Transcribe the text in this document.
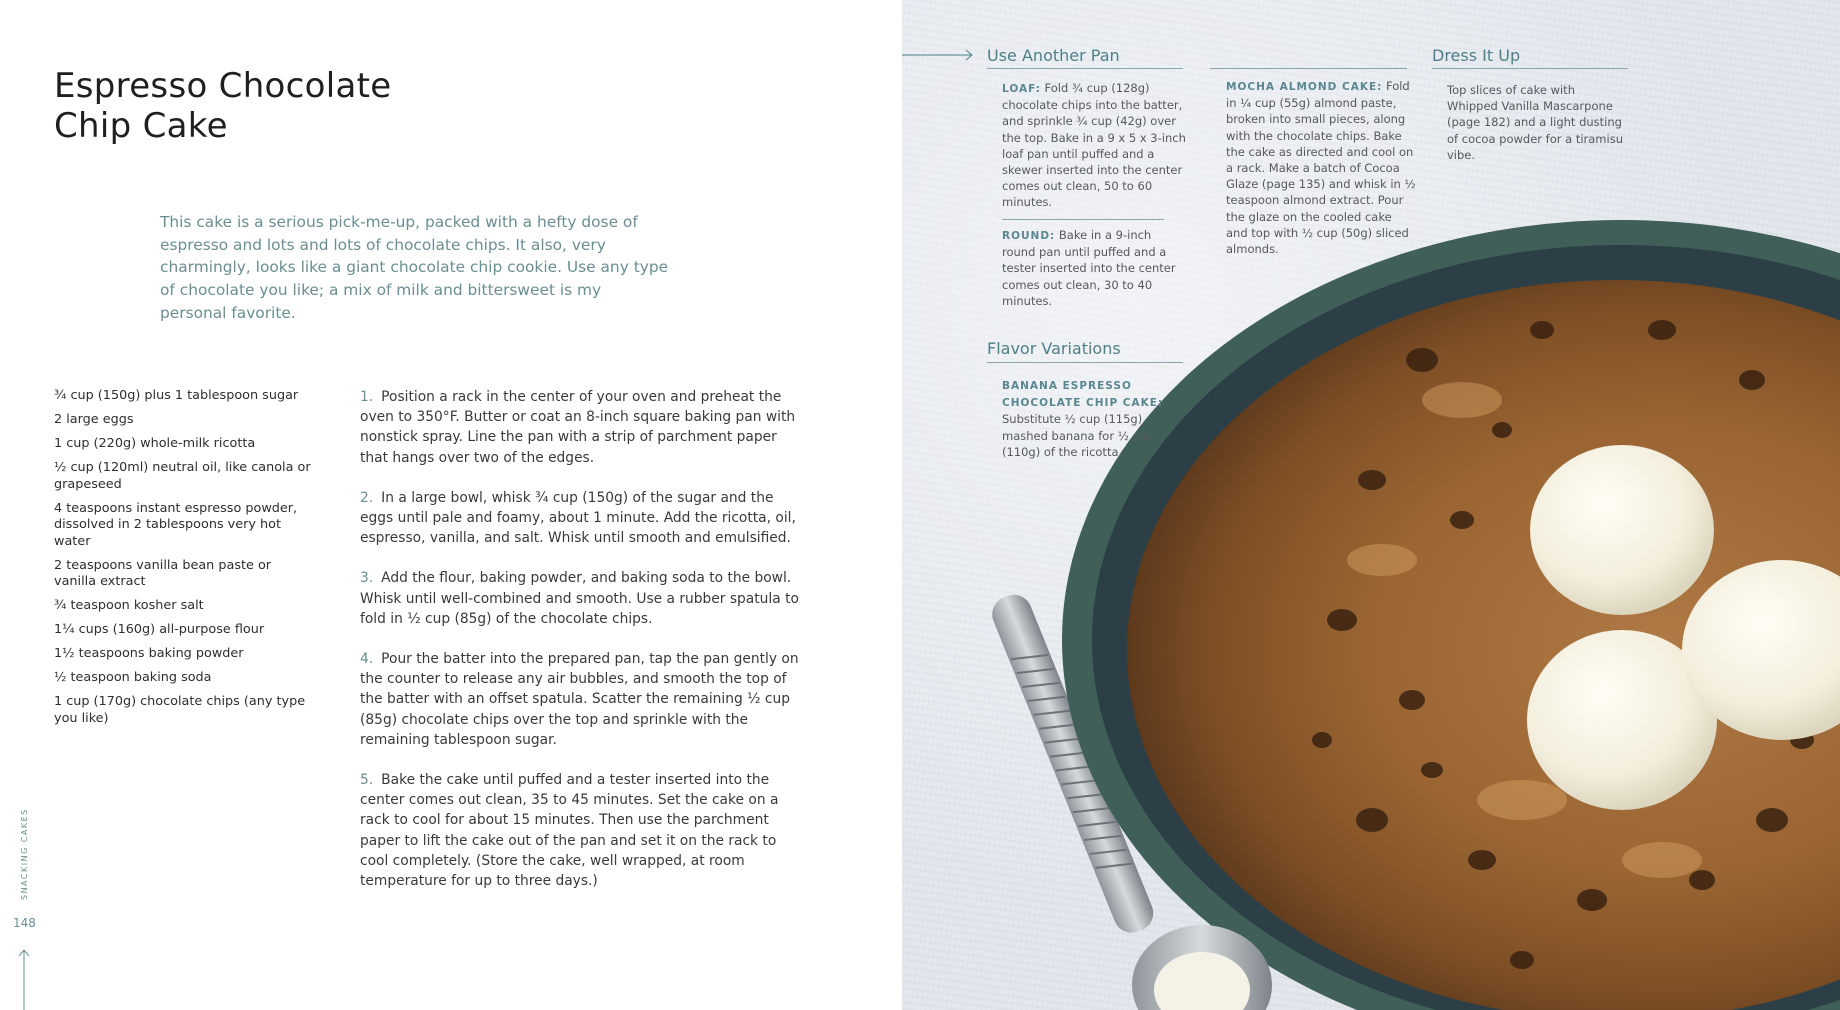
Espresso Chocolate
Chip Cake

This cake is a serious pick-me-up, packed with a hefty dose of espresso and lots and lots of chocolate chips. It also, very charmingly, looks like a giant chocolate chip cookie. Use any type of chocolate you like; a mix of milk and bittersweet is my personal favorite.

¾ cup (150g) plus 1 tablespoon sugar
2 large eggs
1 cup (220g) whole-milk ricotta
½ cup (120ml) neutral oil, like canola or grapeseed
4 teaspoons instant espresso powder, dissolved in 2 tablespoons very hot water
2 teaspoons vanilla bean paste or vanilla extract
¾ teaspoon kosher salt
1¼ cups (160g) all-purpose flour
1½ teaspoons baking powder
½ teaspoon baking soda
1 cup (170g) chocolate chips (any type you like)
1. Position a rack in the center of your oven and preheat the oven to 350°F. Butter or coat an 8-inch square baking pan with nonstick spray. Line the pan with a strip of parchment paper that hangs over two of the edges.
2. In a large bowl, whisk ¾ cup (150g) of the sugar and the eggs until pale and foamy, about 1 minute. Add the ricotta, oil, espresso, vanilla, and salt. Whisk until smooth and emulsified.
3. Add the flour, baking powder, and baking soda to the bowl. Whisk until well-combined and smooth. Use a rubber spatula to fold in ½ cup (85g) of the chocolate chips.
4. Pour the batter into the prepared pan, tap the pan gently on the counter to release any air bubbles, and smooth the top of the batter with an offset spatula. Scatter the remaining ½ cup (85g) chocolate chips over the top and sprinkle with the remaining tablespoon sugar.
5. Bake the cake until puffed and a tester inserted into the center comes out clean, 35 to 45 minutes. Set the cake on a rack to cool for about 15 minutes. Then use the parchment paper to lift the cake out of the pan and set it on the rack to cool completely. (Store the cake, well wrapped, at room temperature for up to three days.)
SNACKING CAKES
148
Use Another Pan

LOAF: Fold ¾ cup (128g) chocolate chips into the batter, and sprinkle ¾ cup (42g) over the top. Bake in a 9 x 5 x 3-inch loaf pan until puffed and a skewer inserted into the center comes out clean, 50 to 60 minutes.

ROUND: Bake in a 9-inch round pan until puffed and a tester inserted into the center comes out clean, 30 to 40 minutes.

MOCHA ALMOND CAKE: Fold in ¼ cup (55g) almond paste, broken into small pieces, along with the chocolate chips. Bake the cake as directed and cool on a rack. Make a batch of Cocoa Glaze (page 135) and whisk in ½ teaspoon almond extract. Pour the glaze on the cooled cake and top with ½ cup (50g) sliced almonds.

Dress It Up

Top slices of cake with Whipped Vanilla Mascarpone (page 182) and a light dusting of cocoa powder for a tiramisu vibe.

Flavor Variations

BANANA ESPRESSO CHOCOLATE CHIP CAKE: Substitute ½ cup (115g) mashed banana for ½ cup (110g) of the ricotta.
